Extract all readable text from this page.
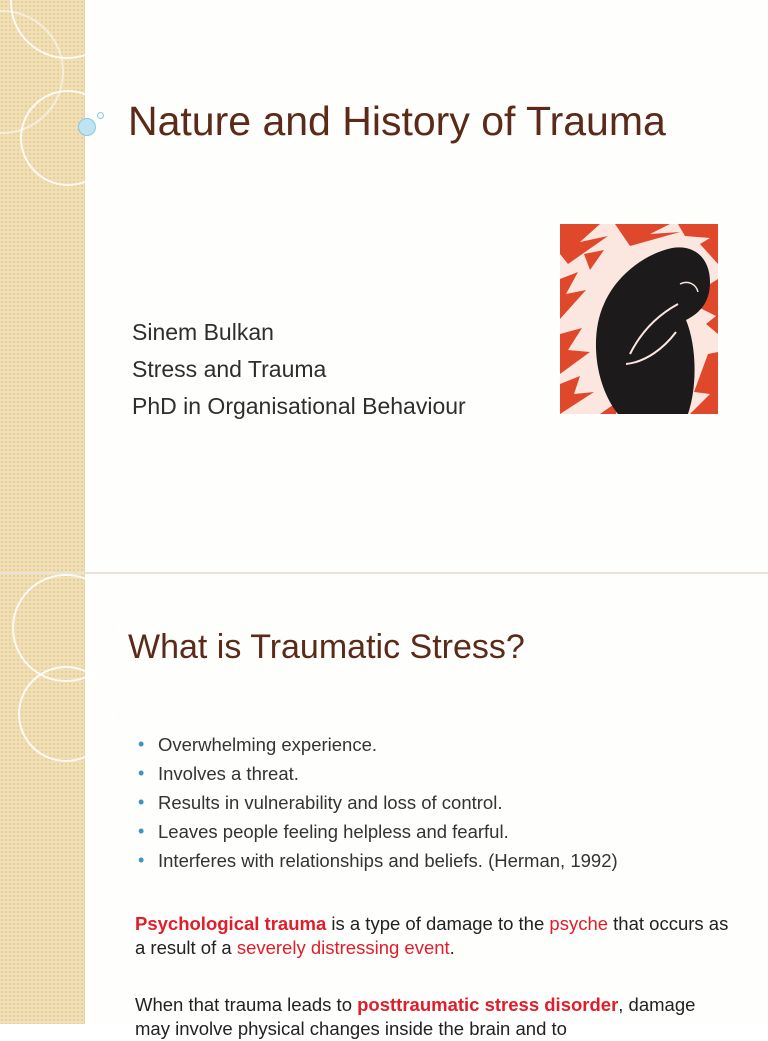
Nature and History of Trauma
Sinem Bulkan
Stress and Trauma
PhD in Organisational Behaviour
What is Traumatic Stress?
• Overwhelming experience.
• Involves a threat.
• Results in vulnerability and loss of control.
• Leaves people feeling helpless and fearful.
• Interferes with relationships and beliefs. (Herman, 1992)

Psychological trauma is a type of damage to the psyche that occurs as a result of a severely distressing event.

When that trauma leads to posttraumatic stress disorder, damage may involve physical changes inside the brain and to
